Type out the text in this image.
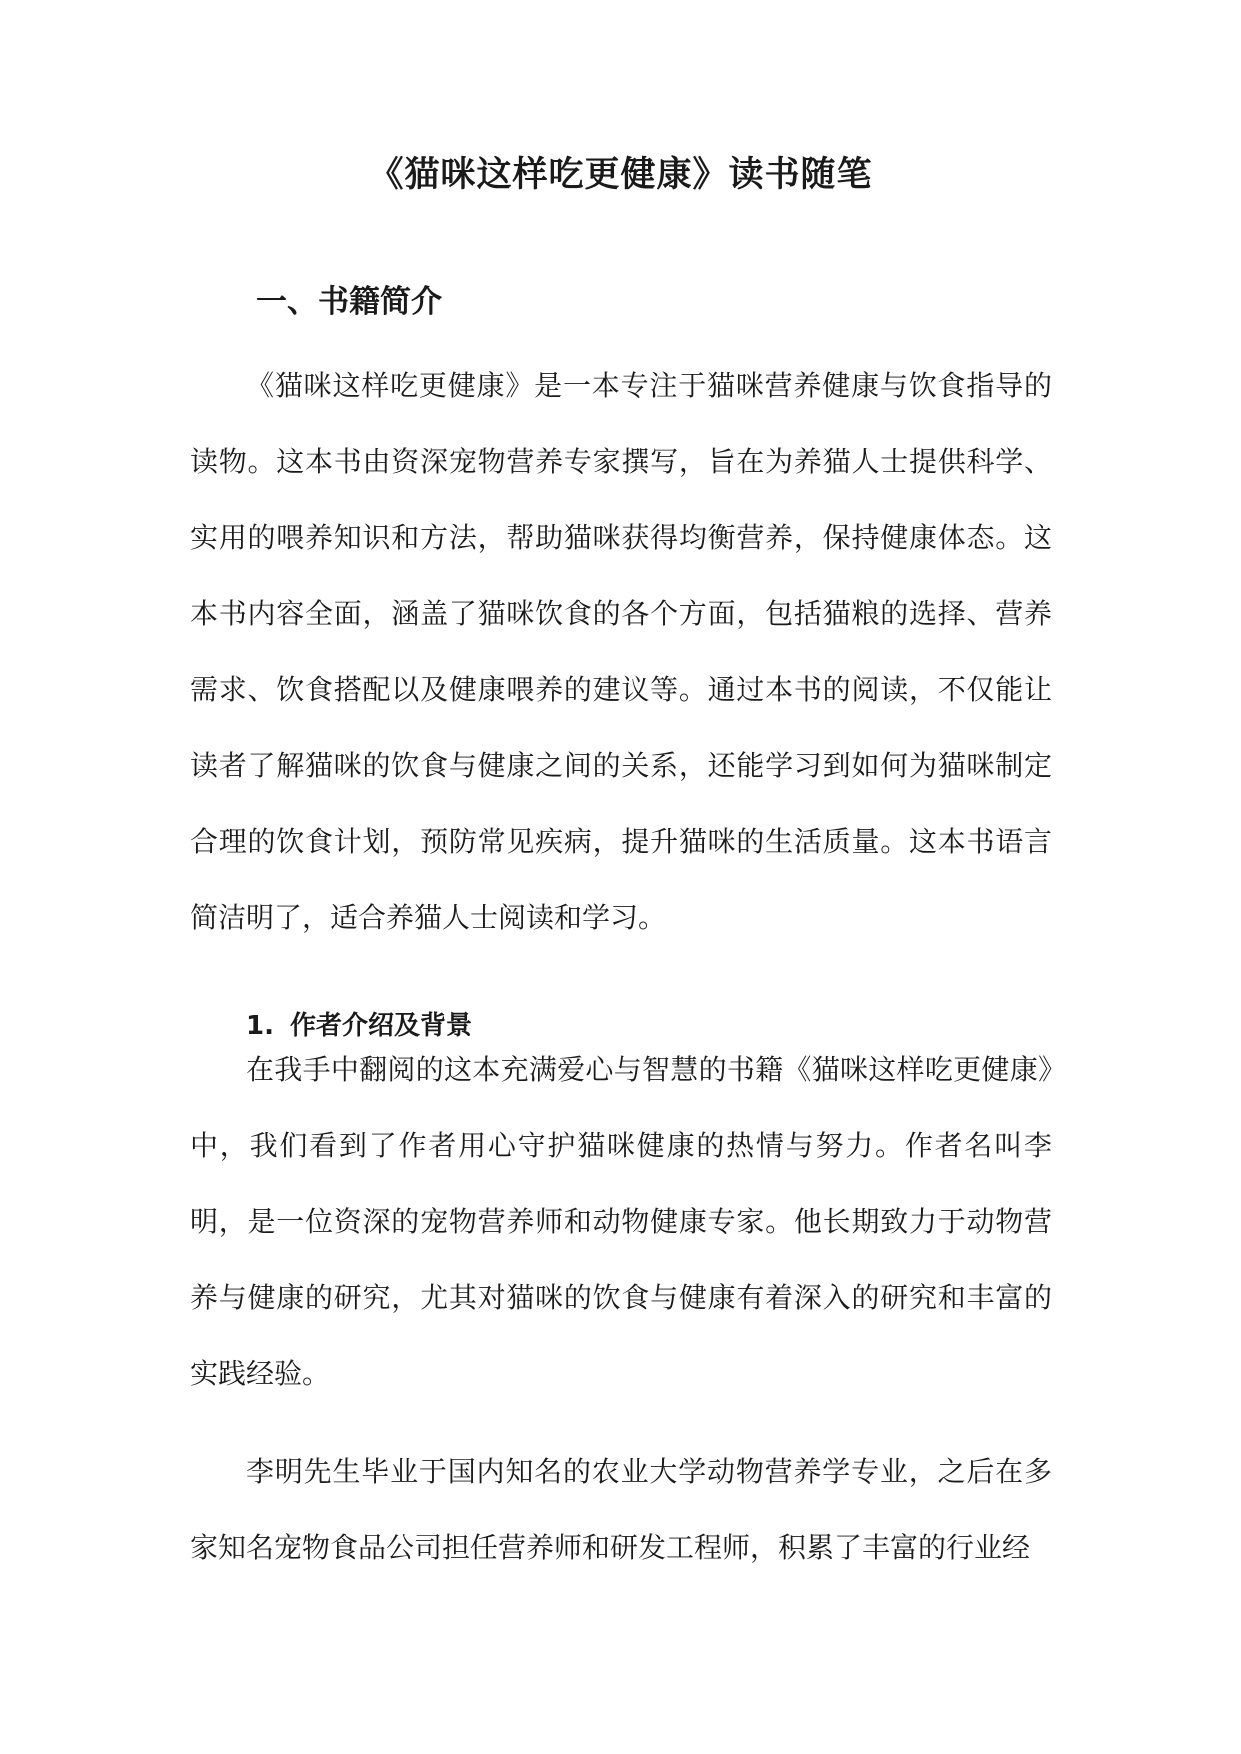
《猫咪这样吃更健康》读书随笔
一、书籍简介

《猫咪这样吃更健康》是一本专注于猫咪营养健康与饮食指导的读物。这本书由资深宠物营养专家撰写，旨在为养猫人士提供科学、实用的喂养知识和方法，帮助猫咪获得均衡营养，保持健康体态。这本书内容全面，涵盖了猫咪饮食的各个方面，包括猫粮的选择、营养需求、饮食搭配以及健康喂养的建议等。通过本书的阅读，不仅能让读者了解猫咪的饮食与健康之间的关系，还能学习到如何为猫咪制定合理的饮食计划，预防常见疾病，提升猫咪的生活质量。这本书语言简洁明了，适合养猫人士阅读和学习。

1. 作者介绍及背景

在我手中翻阅的这本充满爱心与智慧的书籍《猫咪这样吃更健康》中，我们看到了作者用心守护猫咪健康的热情与努力。作者名叫李明，是一位资深的宠物营养师和动物健康专家。他长期致力于动物营养与健康的研究，尤其对猫咪的饮食与健康有着深入的研究和丰富的实践经验。

李明先生毕业于国内知名的农业大学动物营养学专业，之后在多家知名宠物食品公司担任营养师和研发工程师，积累了丰富的行业经
